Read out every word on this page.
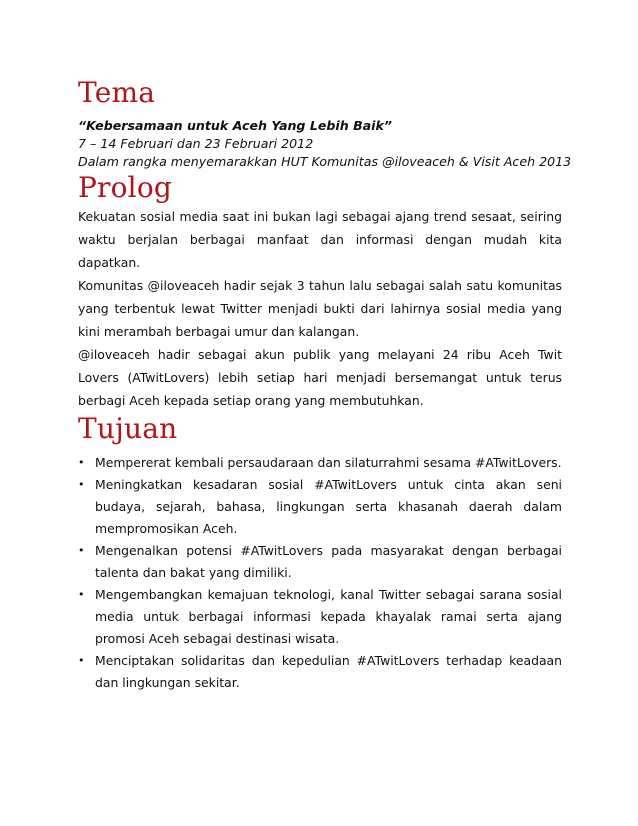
Tema
“Kebersamaan untuk Aceh Yang Lebih Baik”
7 – 14 Februari dan 23 Februari 2012
Dalam rangka menyemarakkan HUT Komunitas @iloveaceh & Visit Aceh 2013
Prolog

Kekuatan sosial media saat ini bukan lagi sebagai ajang trend sesaat, seiring waktu berjalan berbagai manfaat dan informasi dengan mudah kita dapatkan.

Komunitas @iloveaceh hadir sejak 3 tahun lalu sebagai salah satu komunitas yang terbentuk lewat Twitter menjadi bukti dari lahirnya sosial media yang kini merambah berbagai umur dan kalangan.

@iloveaceh hadir sebagai akun publik yang melayani 24 ribu Aceh Twit Lovers (ATwitLovers) lebih setiap hari menjadi bersemangat untuk terus berbagi Aceh kepada setiap orang yang membutuhkan.

Tujuan
• Mempererat kembali persaudaraan dan silaturrahmi sesama #ATwitLovers.
• Meningkatkan kesadaran sosial #ATwitLovers untuk cinta akan seni budaya, sejarah, bahasa, lingkungan serta khasanah daerah dalam mempromosikan Aceh.
• Mengenalkan potensi #ATwitLovers pada masyarakat dengan berbagai talenta dan bakat yang dimiliki.
• Mengembangkan kemajuan teknologi, kanal Twitter sebagai sarana sosial media untuk berbagai informasi kepada khayalak ramai serta ajang promosi Aceh sebagai destinasi wisata.
• Menciptakan solidaritas dan kepedulian #ATwitLovers terhadap keadaan dan lingkungan sekitar.
